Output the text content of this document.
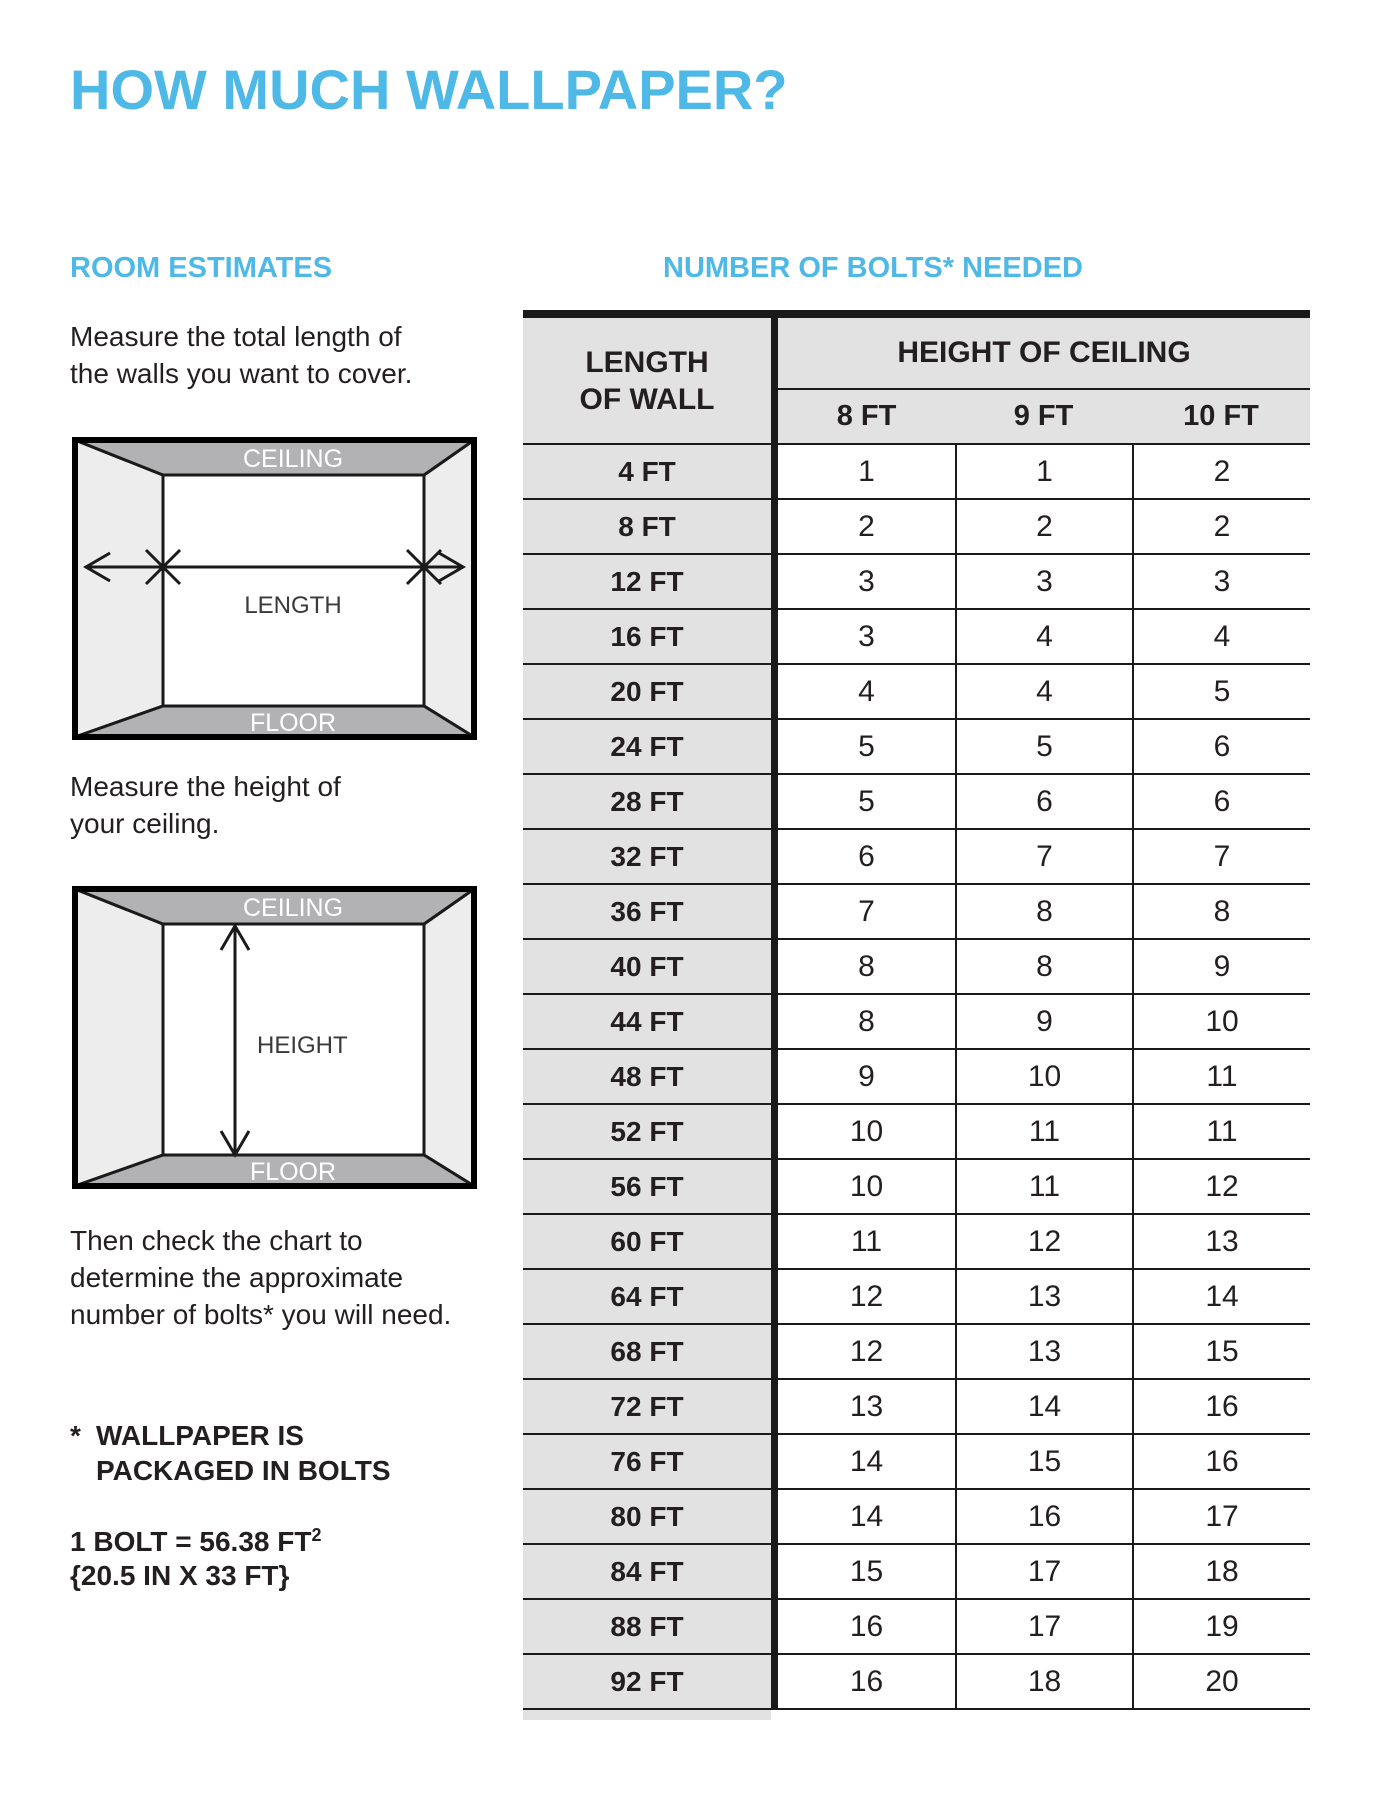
HOW MUCH WALLPAPER?
ROOM ESTIMATES	NUMBER OF BOLTS* NEEDED
Measure the total length of
the walls you want to cover.
CEILING
FLOOR
LENGTH
Measure the height of
your ceiling.
CEILING
FLOOR
HEIGHT
Then check the chart to
determine the approximate
number of bolts* you will need.
* WALLPAPER IS
PACKAGED IN BOLTS
1 BOLT = 56.38 $FT^2$
{20.5 IN X 33 FT}
LENGTH
OF WALL
HEIGHT OF CEILING
8 FT	9 FT	10 FT
4 FT	1	1	2
8 FT	2	2	2
12 FT	3	3	3
16 FT	3	4	4
20 FT	4	4	5
24 FT	5	5	6
28 FT	5	6	6
32 FT	6	7	7
36 FT	7	8	8
40 FT	8	8	9
44 FT	8	9	10
48 FT	9	10	11
52 FT	10	11	11
56 FT	10	11	12
60 FT	11	12	13
64 FT	12	13	14
68 FT	12	13	15
72 FT	13	14	16
76 FT	14	15	16
80 FT	14	16	17
84 FT	15	17	18
88 FT	16	17	19
92 FT	16	18	20
